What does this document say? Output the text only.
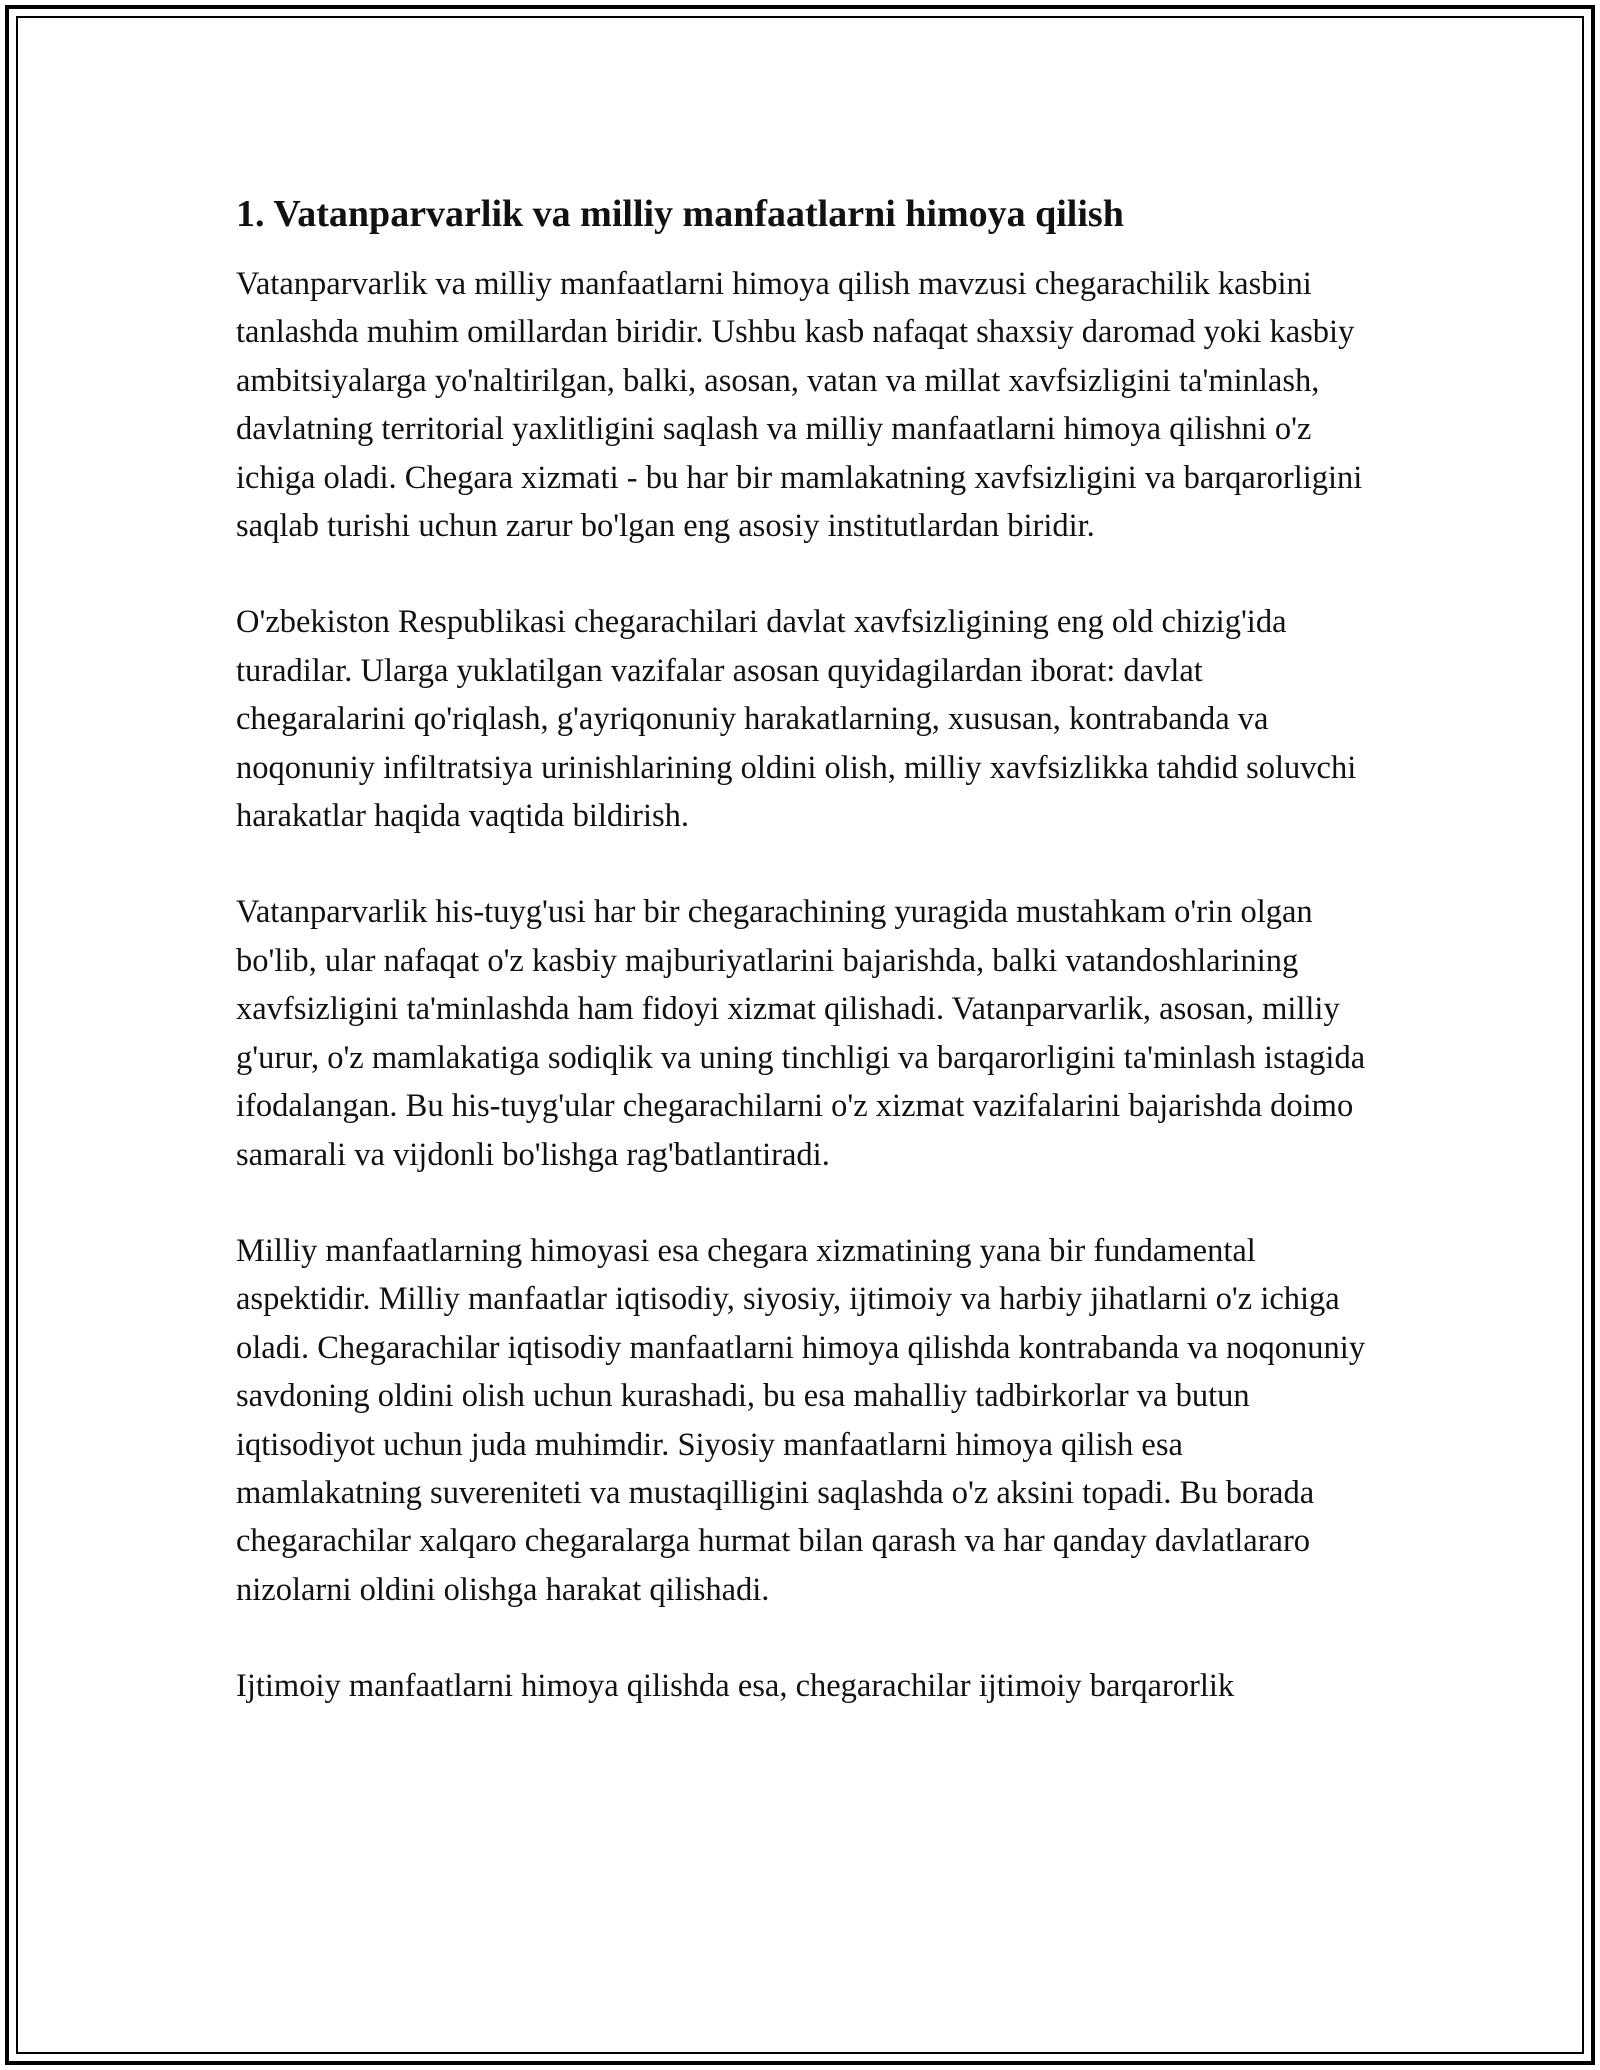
1. Vatanparvarlik va milliy manfaatlarni himoya qilish

Vatanparvarlik va milliy manfaatlarni himoya qilish mavzusi chegarachilik kasbini tanlashda muhim omillardan biridir. Ushbu kasb nafaqat shaxsiy daromad yoki kasbiy ambitsiyalarga yo'naltirilgan, balki, asosan, vatan va millat xavfsizligini ta'minlash, davlatning territorial yaxlitligini saqlash va milliy manfaatlarni himoya qilishni o'z ichiga oladi. Chegara xizmati - bu har bir mamlakatning xavfsizligini va barqarorligini saqlab turishi uchun zarur bo'lgan eng asosiy institutlardan biridir.

O'zbekiston Respublikasi chegarachilari davlat xavfsizligining eng old chizig'ida turadilar. Ularga yuklatilgan vazifalar asosan quyidagilardan iborat: davlat chegaralarini qo'riqlash, g'ayriqonuniy harakatlarning, xususan, kontrabanda va noqonuniy infiltratsiya urinishlarining oldini olish, milliy xavfsizlikka tahdid soluvchi harakatlar haqida vaqtida bildirish.

Vatanparvarlik his-tuyg'usi har bir chegarachining yuragida mustahkam o'rin olgan bo'lib, ular nafaqat o'z kasbiy majburiyatlarini bajarishda, balki vatandoshlarining xavfsizligini ta'minlashda ham fidoyi xizmat qilishadi. Vatanparvarlik, asosan, milliy g'urur, o'z mamlakatiga sodiqlik va uning tinchligi va barqarorligini ta'minlash istagida ifodalangan. Bu his-tuyg'ular chegarachilarni o'z xizmat vazifalarini bajarishda doimo samarali va vijdonli bo'lishga rag'batlantiradi.

Milliy manfaatlarning himoyasi esa chegara xizmatining yana bir fundamental aspektidir. Milliy manfaatlar iqtisodiy, siyosiy, ijtimoiy va harbiy jihatlarni o'z ichiga oladi. Chegarachilar iqtisodiy manfaatlarni himoya qilishda kontrabanda va noqonuniy savdoning oldini olish uchun kurashadi, bu esa mahalliy tadbirkorlar va butun iqtisodiyot uchun juda muhimdir. Siyosiy manfaatlarni himoya qilish esa mamlakatning suvereniteti va mustaqilligini saqlashda o'z aksini topadi. Bu borada chegarachilar xalqaro chegaralarga hurmat bilan qarash va har qanday davlatlararo nizolarni oldini olishga harakat qilishadi.

Ijtimoiy manfaatlarni himoya qilishda esa, chegarachilar ijtimoiy barqarorlik
